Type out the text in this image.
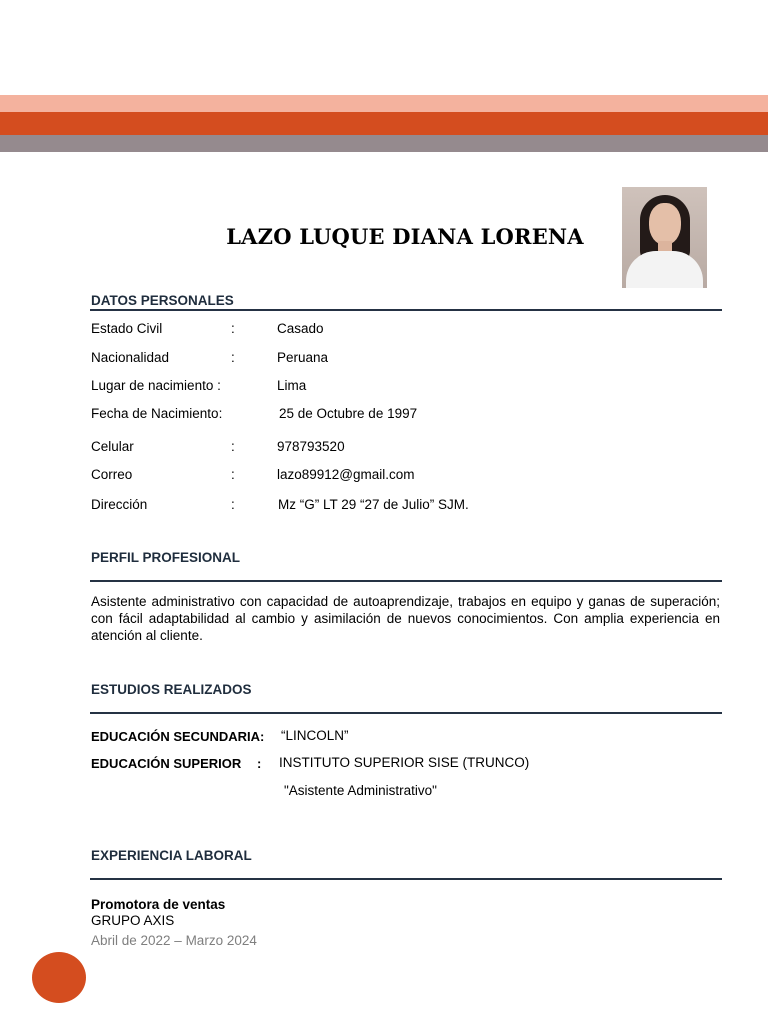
LAZO LUQUE DIANA LORENA
DATOS PERSONALES
Estado Civil	:	Casado
Nacionalidad	:	Peruana
Lugar de nacimiento :	Lima
Fecha de Nacimiento:	25 de Octubre de 1997
Celular	:	978793520
Correo	:	lazo89912@gmail.com
Dirección	:	Mz “G” LT 29 “27 de Julio” SJM.
PERFIL PROFESIONAL
Asistente administrativo con capacidad de autoaprendizaje, trabajos en equipo y ganas de superación; con fácil adaptabilidad al cambio y asimilación de nuevos conocimientos. Con amplia experiencia en atención al cliente.
ESTUDIOS REALIZADOS
EDUCACIÓN SECUNDARIA: “LINCOLN”
EDUCACIÓN SUPERIOR : INSTITUTO SUPERIOR SISE (TRUNCO)
"Asistente Administrativo"
EXPERIENCIA LABORAL
Promotora de ventas
GRUPO AXIS
Abril de 2022 – Marzo 2024
